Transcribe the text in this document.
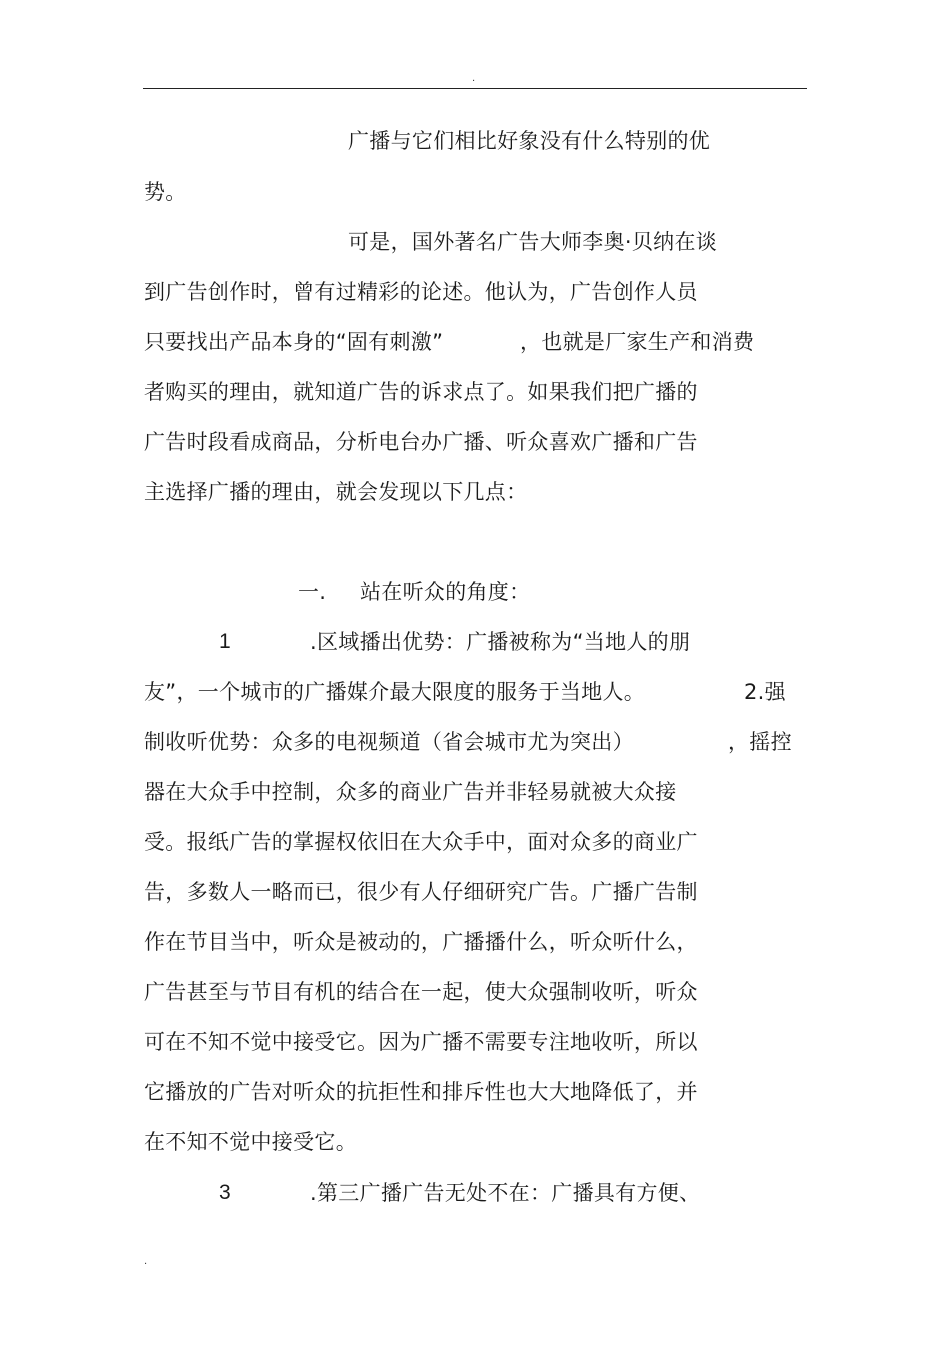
.
广播与它们相比好象没有什么特别的优
势。
可是，国外著名广告大师李奥·贝纳在谈
到广告创作时，曾有过精彩的论述。他认为，广告创作人员
只要找出产品本身的“固有刺激”	，也就是厂家生产和消费
者购买的理由，就知道广告的诉求点了。如果我们把广播的
广告时段看成商品，分析电台办广播、听众喜欢广播和广告
主选择广播的理由，就会发现以下几点：
一. 站在听众的角度：
1	.区域播出优势：广播被称为“当地人的朋
友”，一个城市的广播媒介最大限度的服务于当地人。	2.强
制收听优势：众多的电视频道（省会城市尤为突出）	，摇控
器在大众手中控制，众多的商业广告并非轻易就被大众接
受。报纸广告的掌握权依旧在大众手中，面对众多的商业广
告，多数人一略而已，很少有人仔细研究广告。广播广告制
作在节目当中，听众是被动的，广播播什么，听众听什么，
广告甚至与节目有机的结合在一起，使大众强制收听，听众
可在不知不觉中接受它。因为广播不需要专注地收听，所以
它播放的广告对听众的抗拒性和排斥性也大大地降低了，并
在不知不觉中接受它。
3	.第三广播广告无处不在：广播具有方便、
.
